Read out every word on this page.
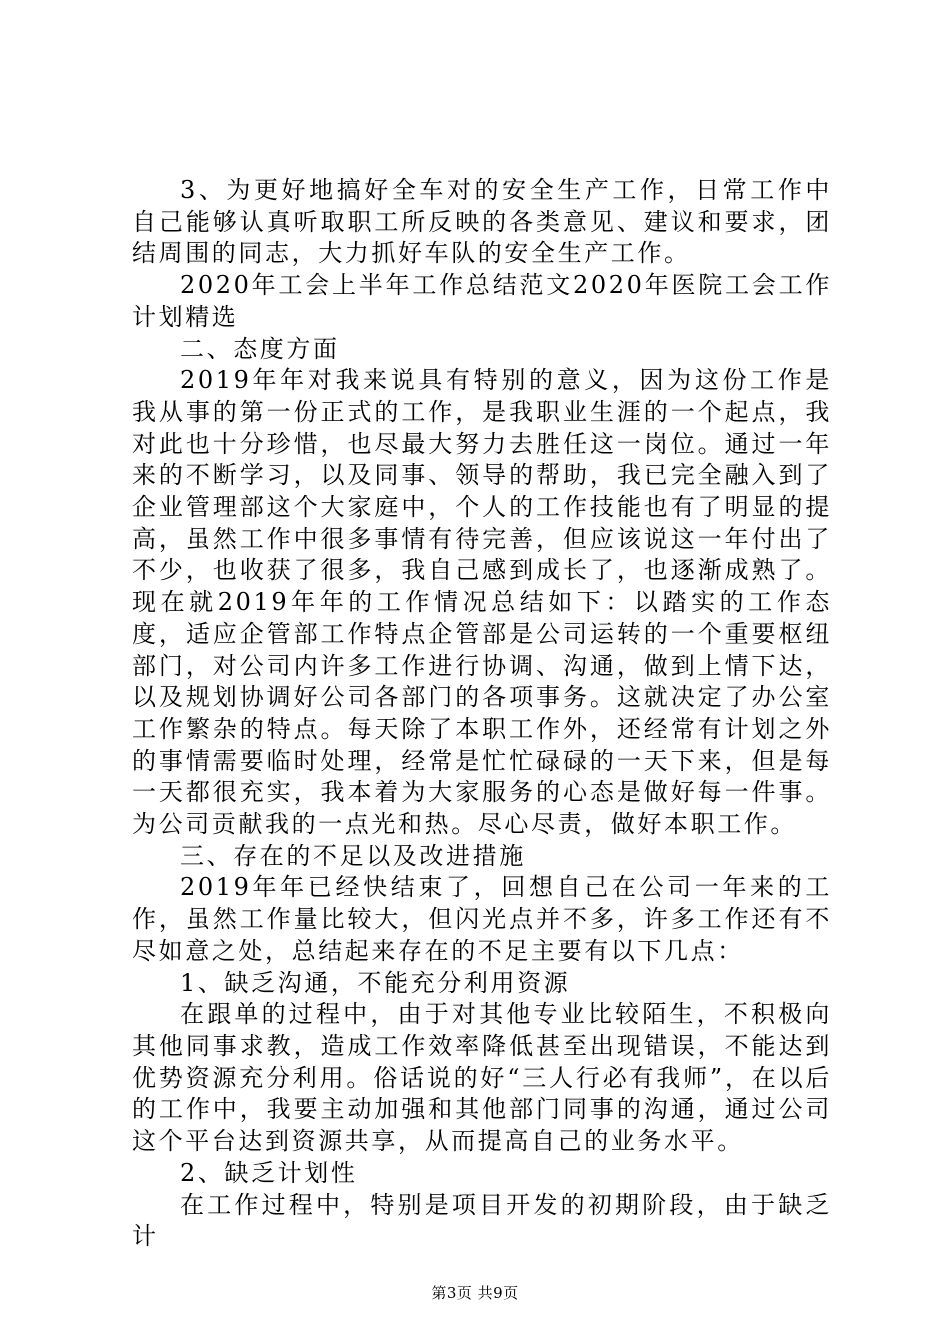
3、为更好地搞好全车对的安全生产工作，日常工作中自己能够认真听取职工所反映的各类意见、建议和要求，团结周围的同志，大力抓好车队的安全生产工作。

2020年工会上半年工作总结范文2020年医院工会工作计划精选

二、态度方面

2019年年对我来说具有特别的意义，因为这份工作是我从事的第一份正式的工作，是我职业生涯的一个起点，我对此也十分珍惜，也尽最大努力去胜任这一岗位。通过一年来的不断学习，以及同事、领导的帮助，我已完全融入到了企业管理部这个大家庭中，个人的工作技能也有了明显的提高，虽然工作中很多事情有待完善，但应该说这一年付出了不少，也收获了很多，我自己感到成长了，也逐渐成熟了。现在就2019年年的工作情况总结如下：以踏实的工作态度，适应企管部工作特点企管部是公司运转的一个重要枢纽部门，对公司内许多工作进行协调、沟通，做到上情下达，以及规划协调好公司各部门的各项事务。这就决定了办公室工作繁杂的特点。每天除了本职工作外，还经常有计划之外的事情需要临时处理，经常是忙忙碌碌的一天下来，但是每一天都很充实，我本着为大家服务的心态是做好每一件事。为公司贡献我的一点光和热。尽心尽责，做好本职工作。

三、存在的不足以及改进措施

2019年年已经快结束了，回想自己在公司一年来的工作，虽然工作量比较大，但闪光点并不多，许多工作还有不尽如意之处，总结起来存在的不足主要有以下几点：

1、缺乏沟通，不能充分利用资源

在跟单的过程中，由于对其他专业比较陌生，不积极向其他同事求教，造成工作效率降低甚至出现错误，不能达到优势资源充分利用。俗话说的好“三人行必有我师”，在以后的工作中，我要主动加强和其他部门同事的沟通，通过公司这个平台达到资源共享，从而提高自己的业务水平。

2、缺乏计划性

在工作过程中，特别是项目开发的初期阶段，由于缺乏计

第3页 共9页
